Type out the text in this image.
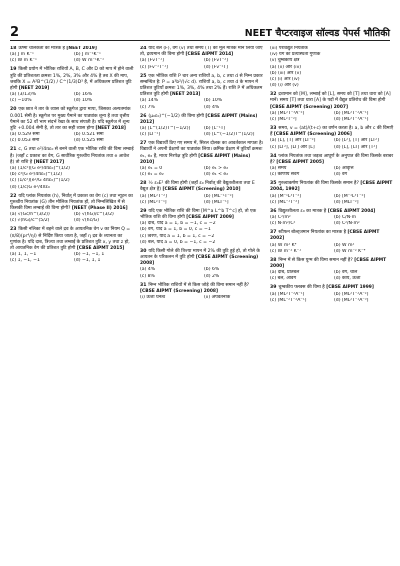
2	NEET चैप्टरवाइज सॉल्वड पेपर्स भौतिकी
18 ऊष्मा चालकता का मात्रक है [NEET 2019]
(a) J m K⁻¹	(b) J m⁻¹K⁻¹
(c) W m K⁻¹	(d) W m⁻¹K⁻¹
19 किसी प्रयोग में भौतिक राशियों A, B, C और D को माप में होने वाली त्रुटि की प्रतिशतता क्रमशः 1%, 2%, 3% और 4% है तब X की माप, जबकि X = A²B^(1/2) / C^(1/3)D³ है, में अधिकतम प्रतिशत त्रुटि होगी [NEET 2019]
(a) (3/13)%	(b) 16%
(c) −10%	(d) 10%
20 एक छात्र ने तार के व्यास को स्क्रूगेज द्वारा मापा, जिसका अल्पतमांक 0.001 सेमी है। स्क्रूगेज पर मुख्य पैमाने का पाठ्यांक शून्य है तथा वृत्तीय पैमाने का 52 वाँ भाग संदर्भ रेखा के साथ संपाती है। यदि स्क्रूगेज में शून्य त्रुटि +0.004 सेमी है, तो तार का सही व्यास होगा [NEET 2018]
(a) 0.529 सेमी	(b) 0.521 सेमी
(c) 0.053 सेमी	(d) 0.525 सेमी
21 c, G तथा e²/4πε₀ से बनने वाली एक भौतिक राशि की विमा लम्बाई है। (जहाँ c प्रकाश का वेग, G सार्वत्रिक गुरुत्वीय नियतांक तथा e आवेश है) तो राशि है [NEET 2017]
(a) (1/c²)[G e²/4πε₀]^(1/2)
(b) c²[G e²/4πε₀]^(1/2)
(c) (1/c²)[e²/G 4πε₀]^(1/2)
(d) (1/c)G e²/4πε₀
22 यदि प्लांक नियतांक (h), निर्वात् में प्रकाश का वेग (c) तथा न्यूटन का गुरुत्वीय नियतांक (G) तीन मौलिक नियतांक हों, तो निम्नलिखित में से किसकी विमा लम्बाई की विमा होगी? [NEET (Phase II) 2016]
(a) √(Gc/h^(3/2))	(b) √(hG)/c^(3/2)
(c) √(hG)/c^(5/2)	(d) √(hc/G)
23 किसी नलिका में बहने वाले द्रव के आयतनिक वेग v का नियम Q = (π/8)(pr⁴/ηl) से निर्दिष्ट किया जाता है, जहाँ η द्रव के श्यानता का गुणांक है। यदि दाब, त्रिज्या तथा लम्बाई के प्रतिशत त्रुटि x, y तथा z हो, तो आयतनिक वेग की प्रतिशत त्रुटि होगी [CBSE AIPMT 2015]
(a) 1, 1, −1	(b) −1, −1, 1
(c) 1, −1, −1	(d) −1, 1, 1
24 यदि बल (F), वेग (v) तथा समय (T) को मूल मात्रक मान लिया जाए तो, द्रव्यमान की विमा होगी [CBSE AIPMT 2014]
(a) [FvT⁻¹]	(b) [FvT⁻²]
(c) [Fv⁻¹T⁻¹]	(d) [Fv⁻¹T]
25 एक भौतिक राशि P चार अन्य राशियों a, b, c तथा d से निम्न प्रकार सम्बन्धित है: P = a³b²/(√c d). राशियों a, b, c तथा d के मापन में प्रतिशत त्रुटियाँ क्रमशः 1%, 3%, 4% तथा 2% हैं। राशि P में अधिकतम प्रतिशत त्रुटि होगी [NEET 2013]
(a) 14%	(b) 10%
(c) 7%	(d) 4%
26 (μ₀ε₀)^(−1/2) की विमा होगी [CBSE AIPMT (Mains) 2012]
(a) [L^(1/2)T^(−1/2)]	(b) [L⁻¹T]
(c) [LT⁻¹]	(d) [L^(−1/2)T^(1/2)]
27 एक विद्यार्थी ठिए गए समय में, सिरल दोलक का आवर्तकाल मापता है। विद्यार्थी ने अपनी प्रेक्षणों का पाठ्यांक लिया। क्रमिक प्रेक्षण में त्रुटियाँ क्रमशः e₁, e₂ हैं, माध्य निरपेक्ष त्रुटि होगी [CBSE AIPMT (Mains) 2010]
(a) e₁ = 0	(b) e₁ > e₂
(c) e₁ = e₂	(d) e₁ < e₂
28 ½ ε₀E² की विमा होगी (जहाँ ε₀ निर्वात् की वैद्युतशीलता तथा E वैद्युत क्षेत्र है) [CBSE AIPMT (Screening) 2010]
(a) [ML²T⁻²]	(b) [ML⁻¹T⁻²]
(c) [ML²T⁻¹]	(d) [MLT⁻¹]
29 यदि एक भौतिक राशि की विमा [M^a L^b T^c] हो, तो एक भौतिक राशि की विमा होगी [CBSE AIPMT 2009]
(a) दाब, यदि a = 1, b = −1, c = −2
(b) वेग, यदि a = 1, b = 0, c = −1
(c) त्वरण, यदि a = 1, b = 1, c = −2
(d) बल, यदि a = 0, b = −1, c = −2
30 यदि किसी गोले की त्रिज्या मापन में 2% की त्रुटि हुई हो, तो गोले के आयतन के परिकलन में त्रुटि होगी [CBSE AIPMT (Screening) 2008]
(a) 4%	(b) 6%
(c) 8%	(d) 2%
31 निम्न भौतिक राशियों में से किस जोड़े की विमा समान नहीं है? [CBSE AIPMT (Screening) 2008]
(i) ऊर्जा घनत्व	(ii) अपवर्तनांक
(iii) परावैद्युत नियतांक
(iv) यंग का प्रत्यास्थता गुणांक
(v) चुम्बकीय क्षेत्र
(a) (ii) और (iv)
(b) (iii) और (v)
(c) (i) और (iv)
(d) (i) और (v)
32 द्रव्यमान को [M], लम्बाई को [L], समय को [T] तथा धारा को [A] मानें। समय [T] तथा धारा [A] के पदों में वैद्युत प्रतिरोध की विमा होगी [CBSE AIPMT (Screening) 2007]
(a) [ML²T⁻³A⁻²]	(b) [ML²T⁻²A⁻¹]
(c) [ML²T⁻²]	(d) [ML²T⁻³A⁻¹]
33 समय, v = (at)/(t+c) का वर्णन करता है। a, b और c की विमाएँ हैं [CBSE AIPMT (Screening) 2006]
(a) [L], [T] और [LT⁻²]	(b) [L²], [T] और [LT²]
(c) [LT²], [LT] और [L]	(d) [L], [LT] और [T²]
34 प्लांक नियतांक तथा जड़त्व आघूर्ण के अनुपात की विमा किसके बराबर है? [CBSE AIPMT 2005]
(a) समय	(b) आवृत्ति
(c) कोणीय संवेग	(d) वेग
35 गुरुत्वाकर्षण नियतांक की विमा किसके समान है? [CBSE AIPMT 2004, 1992]
(a) [M⁻¹L³T⁻²]	(b) [M⁻¹L³T⁻²]
(c) [ML⁻¹T⁻²]	(d) [MLT⁻²]
36 विद्युतशीलता ε₀ का मात्रक है [CBSE AIPMT 2004]
(a) C²/m²	(b) C/N·m
(c) N·m²/C²	(d) C²/N·m²
37 स्टीफन बोल्ट्जमान नियतांक का मात्रक है [CBSE AIPMT 2002]
(a) W m² K⁴	(b) W m²
(c) W m⁻² K⁻¹	(d) W m⁻² K⁻⁴
38 निम्न में से किस युग्म की विमा समान नहीं है? [CBSE AIPMT 2000]
(a) दाब, प्रतिबल	(b) वेग, चाल
(c) बल, आवेग	(d) कार्य, ऊर्जा
39 चुम्बकीय फ्लक्स की विमा है [CBSE AIPMT 1999]
(a) [ML²T⁻²A⁻¹]	(b) [ML²T⁻²A⁻²]
(c) [ML⁻²T⁻²A⁻¹]	(d) [ML²T⁻¹A⁻³]
